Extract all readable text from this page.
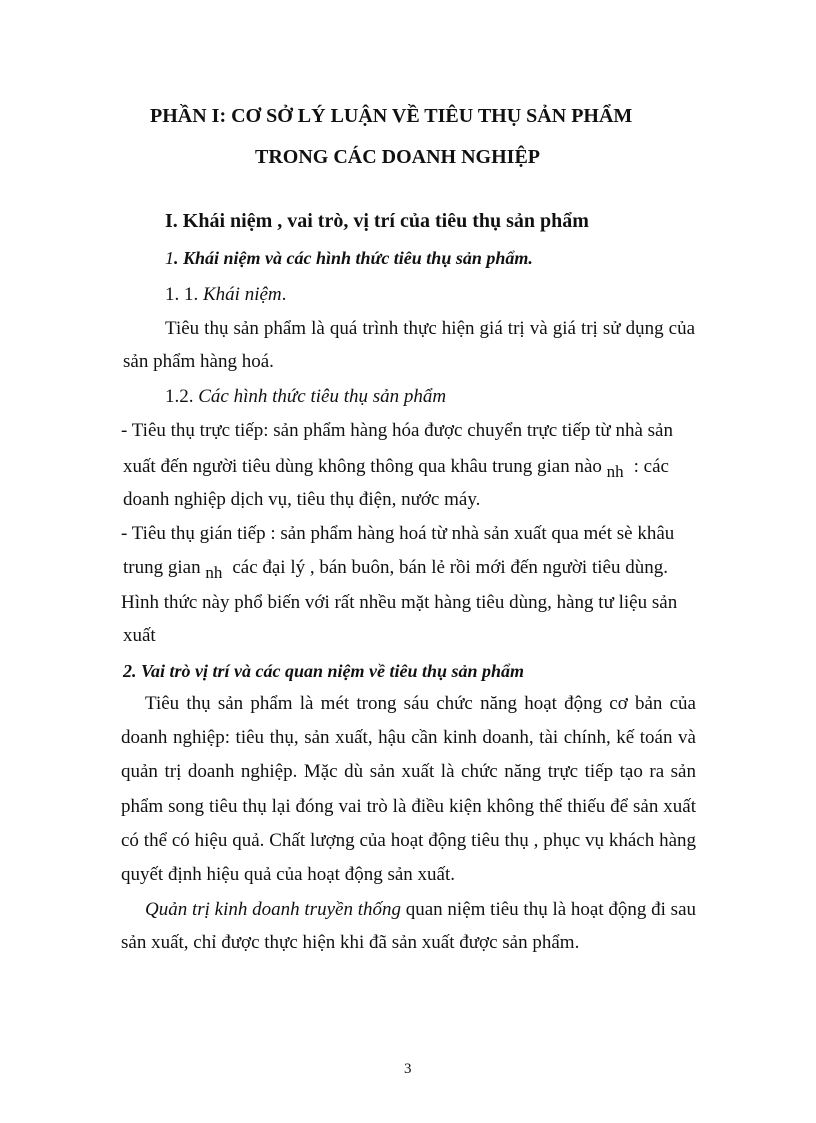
PHẦN I: CƠ SỞ LÝ LUẬN VỀ TIÊU THỤ SẢN PHẨM
TRONG CÁC DOANH NGHIỆP
I. Khái niệm , vai trò, vị trí của tiêu thụ sản phẩm
1. Khái niệm và các hình thức tiêu thụ sản phẩm.
1. 1. Khái niệm.
Tiêu thụ sản phẩm là quá trình thực hiện giá trị và giá trị sử dụng của
sản phẩm hàng hoá.
1.2. Các hình thức tiêu thụ sản phẩm
- Tiêu thụ trực tiếp: sản phẩm hàng hóa được chuyển trực tiếp từ nhà sản
xuất đến người tiêu dùng không thông qua khâu trung gian nào nh : các
doanh nghiệp dịch vụ, tiêu thụ điện, nước máy.
- Tiêu thụ gián tiếp : sản phẩm hàng hoá từ nhà sản xuất qua mét sè khâu
trung gian nh các đại lý , bán buôn, bán lẻ rồi mới đến người tiêu dùng.
Hình thức này phổ biến với rất nhều mặt hàng tiêu dùng, hàng tư liệu sản
xuất
2. Vai trò vị trí và các quan niệm về tiêu thụ sản phẩm
Tiêu thụ sản phẩm là mét trong sáu chức năng hoạt động cơ bản của
doanh nghiệp: tiêu thụ, sản xuất, hậu cần kinh doanh, tài chính, kế toán và
quản trị doanh nghiệp. Mặc dù sản xuất là chức năng trực tiếp tạo ra sản
phẩm song tiêu thụ lại đóng vai trò là điều kiện không thể thiếu để sản xuất
có thể có hiệu quả. Chất lượng của hoạt động tiêu thụ , phục vụ khách hàng
quyết định hiệu quả của hoạt động sản xuất.
Quản trị kinh doanh truyền thống quan niệm tiêu thụ là hoạt động đi sau
sản xuất, chỉ được thực hiện khi đã sản xuất được sản phẩm.
3
